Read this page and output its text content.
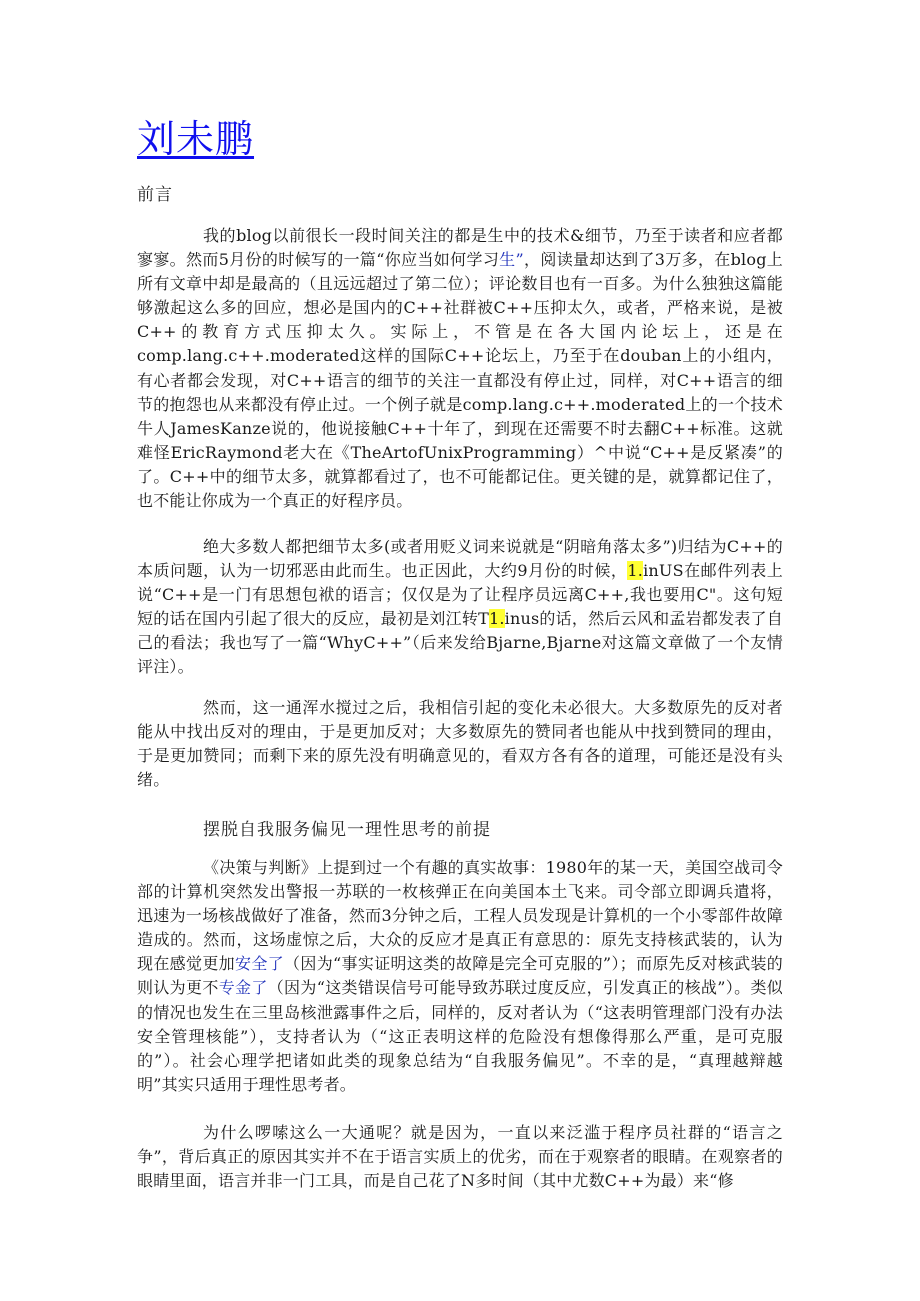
刘未鹏
前言

我的blog以前很长一段时间关注的都是生中的技术&细节，乃至于读者和应者都寥寥。然而5月份的时候写的一篇“你应当如何学习生”，阅读量却达到了3万多，在blog上所有文章中却是最高的（且远远超过了第二位）；评论数目也有一百多。为什么独独这篇能够激起这么多的回应，想必是国内的C++社群被C++压抑太久，或者，严格来说，是被C++的教育方式压抑太久。实际上，不管是在各大国内论坛上，还是在comp.lang.c++.moderated这样的国际C++论坛上，乃至于在douban上的小组内，有心者都会发现，对C++语言的细节的关注一直都没有停止过，同样，对C++语言的细节的抱怨也从来都没有停止过。一个例子就是comp.lang.c++.moderated上的一个技术牛人JamesKanze说的，他说接触C++十年了，到现在还需要不时去翻C++标准。这就难怪EricRaymond老大在《TheArtofUnixProgramming）^中说“C++是反紧凑”的了。C++中的细节太多，就算都看过了，也不可能都记住。更关键的是，就算都记住了，也不能让你成为一个真正的好程序员。

绝大多数人都把细节太多(或者用贬义词来说就是“阴暗角落太多”)归结为C++的本质问题，认为一切邪恶由此而生。也正因此，大约9月份的时候，1.inUS在邮件列表上说“C++是一门有思想包袱的语言；仅仅是为了让程序员远离C++,我也要用C"。这句短短的话在国内引起了很大的反应，最初是刘江转T1.inus的话，然后云风和孟岩都发表了自己的看法；我也写了一篇“WhyC++”（后来发给Bjarne,Bjarne对这篇文章做了一个友情评注）。

然而，这一通浑水搅过之后，我相信引起的变化未必很大。大多数原先的反对者能从中找出反对的理由，于是更加反对；大多数原先的赞同者也能从中找到赞同的理由，于是更加赞同；而剩下来的原先没有明确意见的，看双方各有各的道理，可能还是没有头绪。

摆脱自我服务偏见一理性思考的前提

《决策与判断》上提到过一个有趣的真实故事：1980年的某一天，美国空战司令部的计算机突然发出警报一苏联的一枚核弹正在向美国本土飞来。司令部立即调兵遣将，迅速为一场核战做好了准备，然而3分钟之后，工程人员发现是计算机的一个小零部件故障造成的。然而，这场虚惊之后，大众的反应才是真正有意思的：原先支持核武装的，认为现在感觉更加安全了（因为“事实证明这类的故障是完全可克服的”）；而原先反对核武装的则认为更不专金了（因为“这类错误信号可能导致苏联过度反应，引发真正的核战”）。类似的情况也发生在三里岛核泄露事件之后，同样的，反对者认为（“这表明管理部门没有办法安全管理核能”），支持者认为（“这正表明这样的危险没有想像得那么严重，是可克服的”）。社会心理学把诸如此类的现象总结为“自我服务偏见”。不幸的是，“真理越辩越明”其实只适用于理性思考者。

为什么啰嗦这么一大通呢？就是因为，一直以来泛滥于程序员社群的“语言之争”，背后真正的原因其实并不在于语言实质上的优劣，而在于观察者的眼睛。在观察者的眼睛里面，语言并非一门工具，而是自己花了N多时间（其中尤数C++为最）来“修
